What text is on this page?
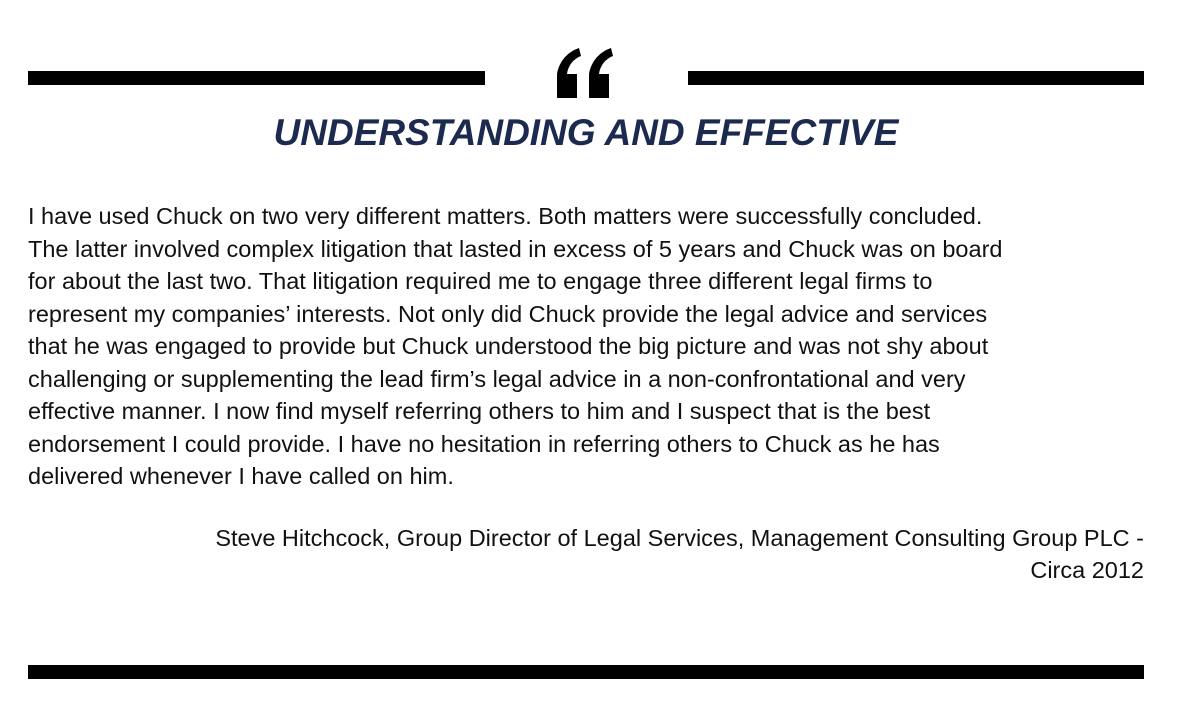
UNDERSTANDING AND EFFECTIVE
I have used Chuck on two very different matters. Both matters were successfully concluded.
The latter involved complex litigation that lasted in excess of 5 years and Chuck was on board
for about the last two. That litigation required me to engage three different legal firms to
represent my companies’ interests. Not only did Chuck provide the legal advice and services
that he was engaged to provide but Chuck understood the big picture and was not shy about
challenging or supplementing the lead firm’s legal advice in a non-confrontational and very
effective manner. I now find myself referring others to him and I suspect that is the best
endorsement I could provide. I have no hesitation in referring others to Chuck as he has
delivered whenever I have called on him.
Steve Hitchcock, Group Director of Legal Services, Management Consulting Group PLC -
Circa 2012
